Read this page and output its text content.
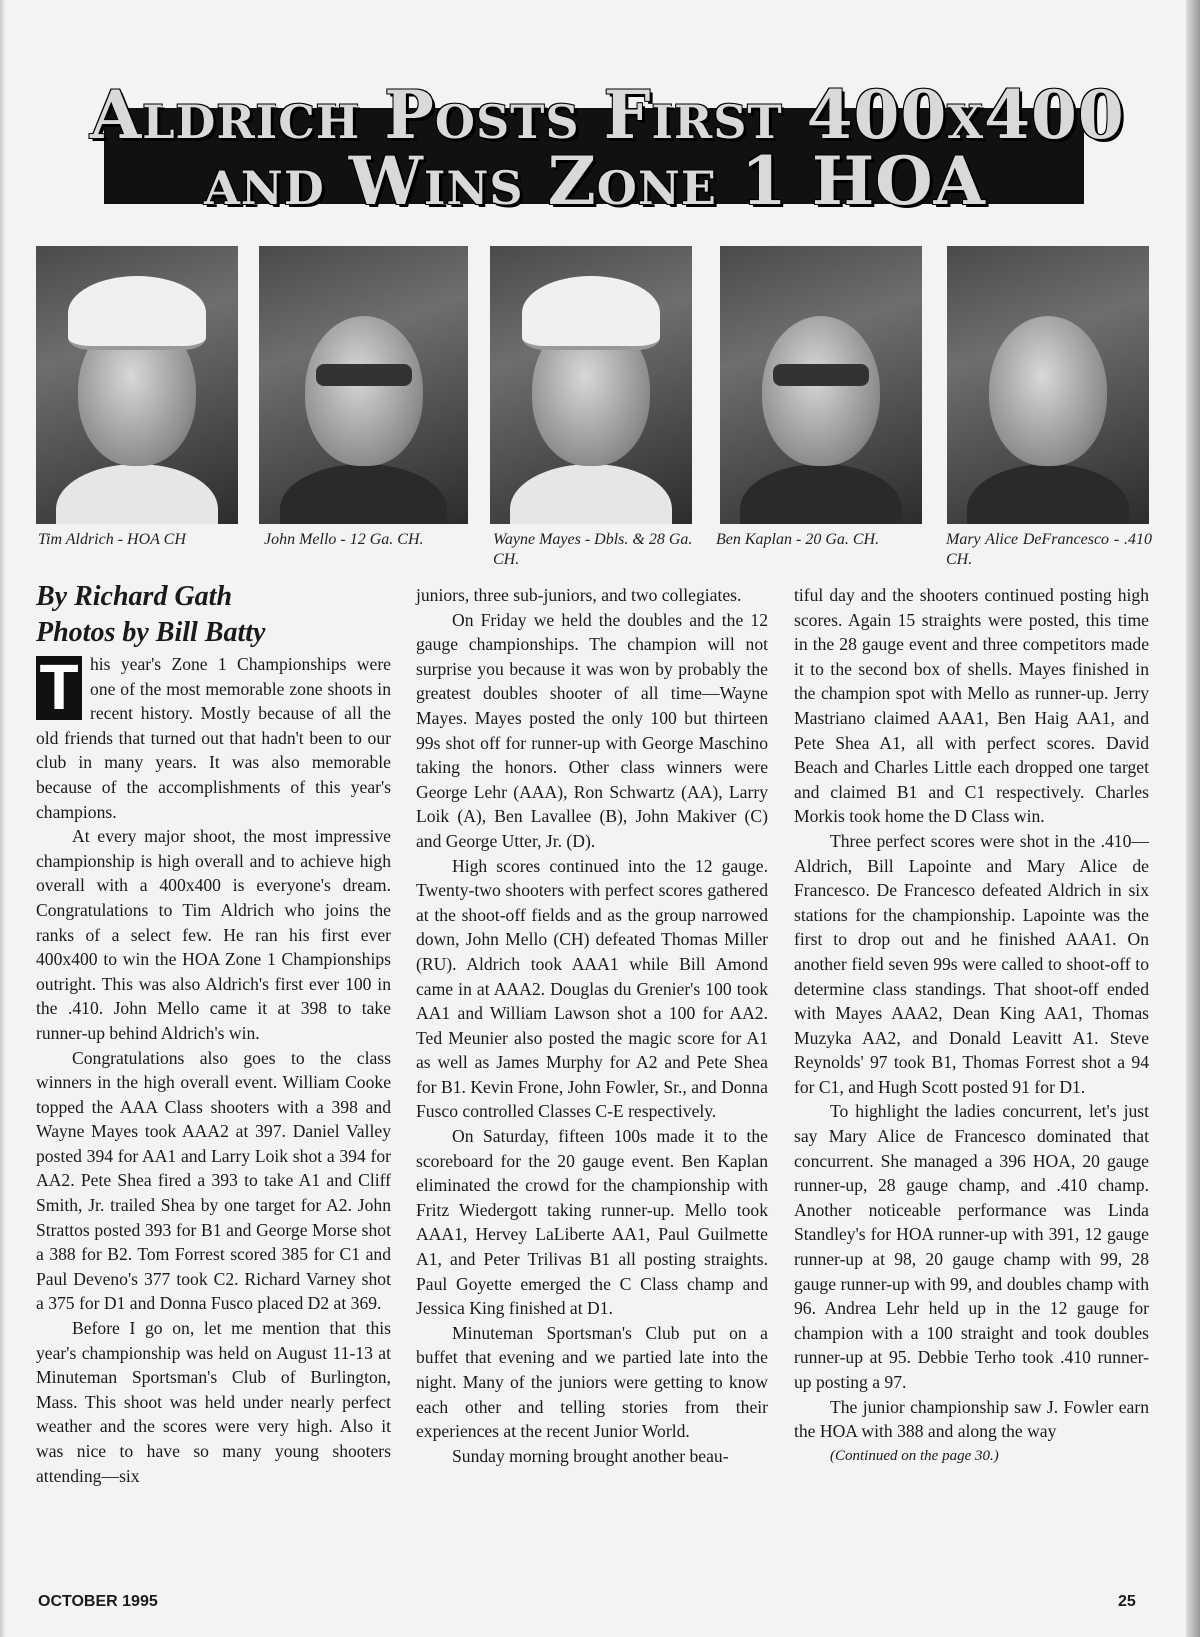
Aldrich Posts First 400x400
and Wins Zone 1 HOA
Tim Aldrich - HOA CH	John Mello - 12 Ga. CH.	Wayne Mayes - Dbls. & 28 Ga. CH.
Ben Kaplan - 20 Ga. CH.	Mary Alice DeFrancesco - .410 CH.
By Richard Gath
Photos by Bill Batty

T his year's Zone 1 Championships were one of the most memorable zone shoots in recent history. Mostly because of all the old friends that turned out that hadn't been to our club in many years. It was also memorable because of the accomplishments of this year's champions.

At every major shoot, the most impressive championship is high overall and to achieve high overall with a 400x400 is everyone's dream. Congratulations to Tim Aldrich who joins the ranks of a select few. He ran his first ever 400x400 to win the HOA Zone 1 Championships outright. This was also Aldrich's first ever 100 in the .410. John Mello came it at 398 to take runner-up behind Aldrich's win.

Congratulations also goes to the class winners in the high overall event. William Cooke topped the AAA Class shooters with a 398 and Wayne Mayes took AAA2 at 397. Daniel Valley posted 394 for AA1 and Larry Loik shot a 394 for AA2. Pete Shea fired a 393 to take A1 and Cliff Smith, Jr. trailed Shea by one target for A2. John Strattos posted 393 for B1 and George Morse shot a 388 for B2. Tom Forrest scored 385 for C1 and Paul Deveno's 377 took C2. Richard Varney shot a 375 for D1 and Donna Fusco placed D2 at 369.

Before I go on, let me mention that this year's championship was held on August 11-13 at Minuteman Sportsman's Club of Burlington, Mass. This shoot was held under nearly perfect weather and the scores were very high. Also it was nice to have so many young shooters attending—six

juniors, three sub-juniors, and two collegiates.

On Friday we held the doubles and the 12 gauge championships. The champion will not surprise you because it was won by probably the greatest doubles shooter of all time—Wayne Mayes. Mayes posted the only 100 but thirteen 99s shot off for runner-up with George Maschino taking the honors. Other class winners were George Lehr (AAA), Ron Schwartz (AA), Larry Loik (A), Ben Lavallee (B), John Makiver (C) and George Utter, Jr. (D).

High scores continued into the 12 gauge. Twenty-two shooters with perfect scores gathered at the shoot-off fields and as the group narrowed down, John Mello (CH) defeated Thomas Miller (RU). Aldrich took AAA1 while Bill Amond came in at AAA2. Douglas du Grenier's 100 took AA1 and William Lawson shot a 100 for AA2. Ted Meunier also posted the magic score for A1 as well as James Murphy for A2 and Pete Shea for B1. Kevin Frone, John Fowler, Sr., and Donna Fusco controlled Classes C-E respectively.

On Saturday, fifteen 100s made it to the scoreboard for the 20 gauge event. Ben Kaplan eliminated the crowd for the championship with Fritz Wiedergott taking runner-up. Mello took AAA1, Hervey LaLiberte AA1, Paul Guilmette A1, and Peter Trilivas B1 all posting straights. Paul Goyette emerged the C Class champ and Jessica King finished at D1.

Minuteman Sportsman's Club put on a buffet that evening and we partied late into the night. Many of the juniors were getting to know each other and telling stories from their experiences at the recent Junior World.

Sunday morning brought another beau-

tiful day and the shooters continued posting high scores. Again 15 straights were posted, this time in the 28 gauge event and three competitors made it to the second box of shells. Mayes finished in the champion spot with Mello as runner-up. Jerry Mastriano claimed AAA1, Ben Haig AA1, and Pete Shea A1, all with perfect scores. David Beach and Charles Little each dropped one target and claimed B1 and C1 respectively. Charles Morkis took home the D Class win.

Three perfect scores were shot in the .410—Aldrich, Bill Lapointe and Mary Alice de Francesco. De Francesco defeated Aldrich in six stations for the championship. Lapointe was the first to drop out and he finished AAA1. On another field seven 99s were called to shoot-off to determine class standings. That shoot-off ended with Mayes AAA2, Dean King AA1, Thomas Muzyka AA2, and Donald Leavitt A1. Steve Reynolds' 97 took B1, Thomas Forrest shot a 94 for C1, and Hugh Scott posted 91 for D1.

To highlight the ladies concurrent, let's just say Mary Alice de Francesco dominated that concurrent. She managed a 396 HOA, 20 gauge runner-up, 28 gauge champ, and .410 champ. Another noticeable performance was Linda Standley's for HOA runner-up with 391, 12 gauge runner-up at 98, 20 gauge champ with 99, 28 gauge runner-up with 99, and doubles champ with 96. Andrea Lehr held up in the 12 gauge for champion with a 100 straight and took doubles runner-up at 95. Debbie Terho took .410 runner-up posting a 97.

The junior championship saw J. Fowler earn the HOA with 388 and along the way

(Continued on the page 30.)

OCTOBER 1995	25
